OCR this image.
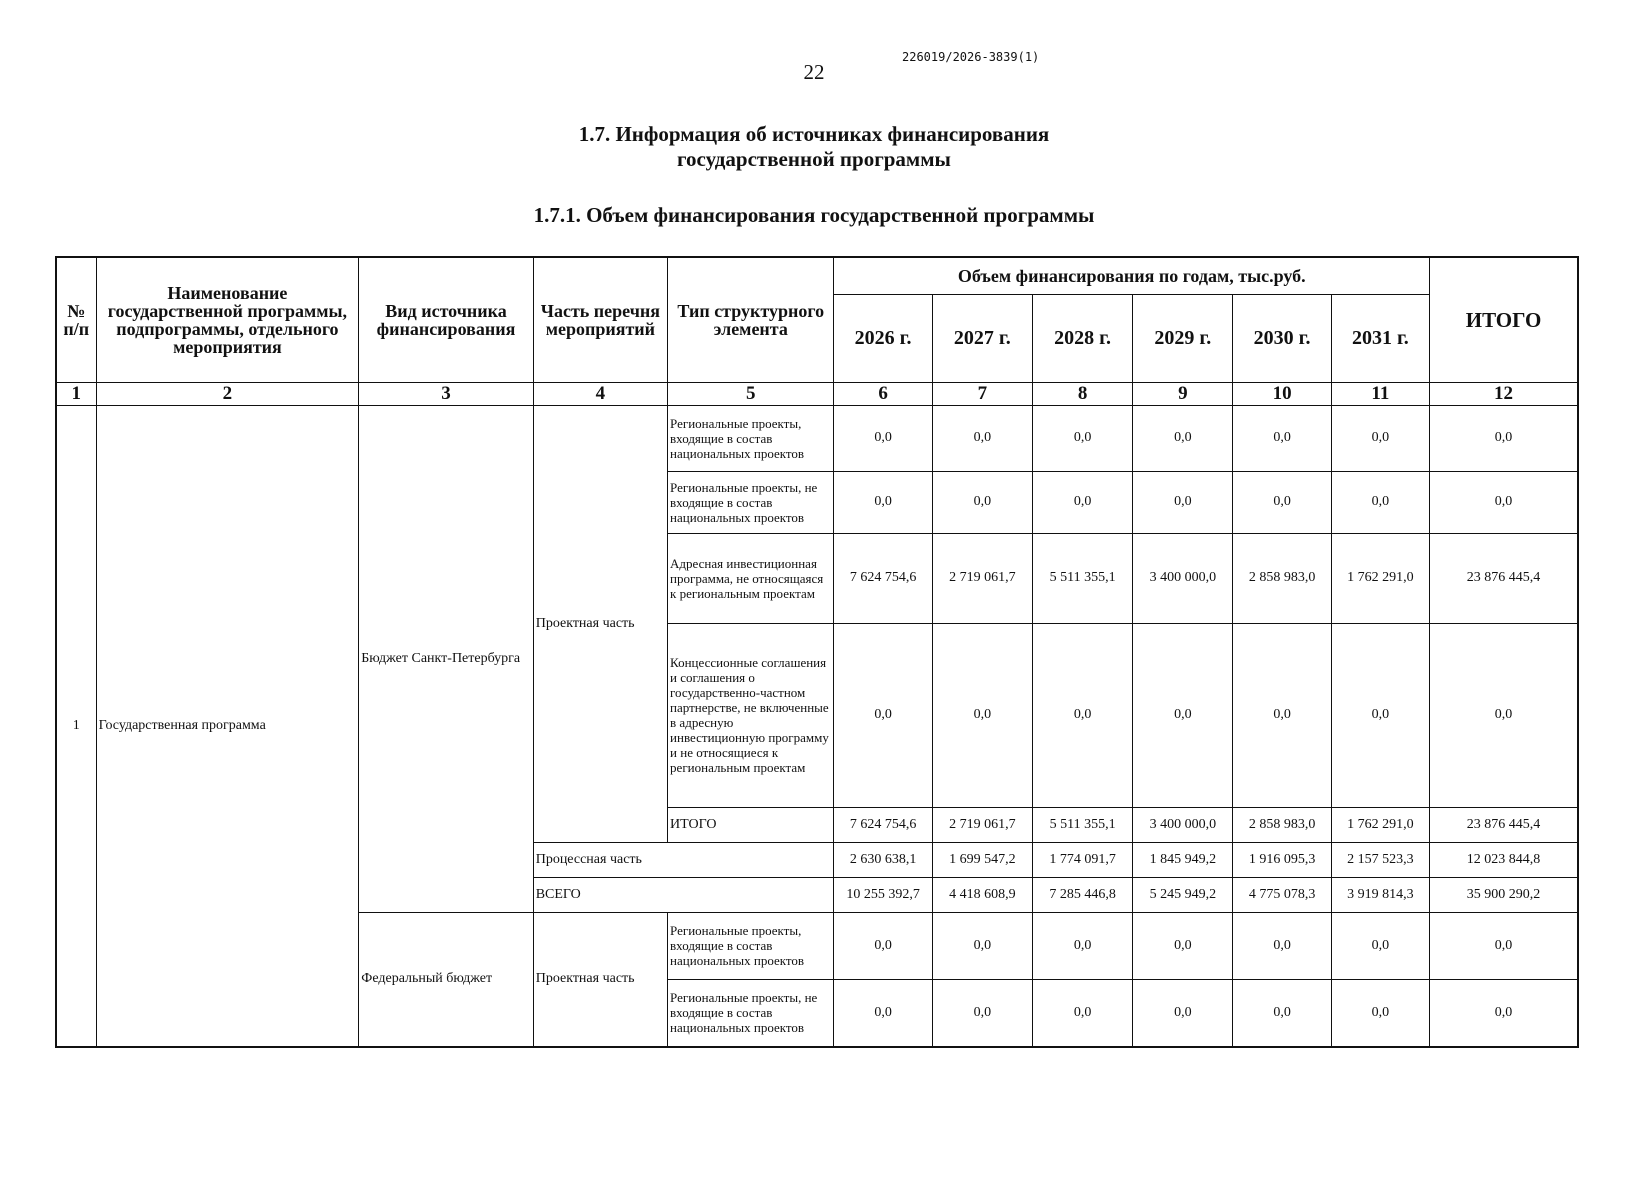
22
226019/2026-3839(1)
1.7. Информация об источниках финансирования
государственной программы
1.7.1. Объем финансирования государственной программы
№ п/п	Наименование государственной программы, подпрограммы, отдельного мероприятия	Вид источника финансирования	Часть перечня мероприятий	Тип структурного элемента	Объем финансирования по годам, тыс.руб.						ИТОГО
					2026 г.	2027 г.	2028 г.	2029 г.	2030 г.	2031 г.	
1	2	3	4	5	6	7	8	9	10	11	12
1	Государственная программа	Бюджет Санкт-Петербурга	Проектная часть	Региональные проекты, входящие в состав национальных проектов	0,0	0,0	0,0	0,0	0,0	0,0	0,0
				Региональные проекты, не входящие в состав национальных проектов	0,0	0,0	0,0	0,0	0,0	0,0	0,0
				Адресная инвестиционная программа, не относящаяся к региональным проектам	7 624 754,6	2 719 061,7	5 511 355,1	3 400 000,0	2 858 983,0	1 762 291,0	23 876 445,4
				Концессионные соглашения и соглашения о государственно-частном партнерстве, не включенные в адресную инвестиционную программу и не относящиеся к региональным проектам	0,0	0,0	0,0	0,0	0,0	0,0	0,0
				ИТОГО	7 624 754,6	2 719 061,7	5 511 355,1	3 400 000,0	2 858 983,0	1 762 291,0	23 876 445,4
			Процессная часть		2 630 638,1	1 699 547,2	1 774 091,7	1 845 949,2	1 916 095,3	2 157 523,3	12 023 844,8
			ВСЕГО		10 255 392,7	4 418 608,9	7 285 446,8	5 245 949,2	4 775 078,3	3 919 814,3	35 900 290,2

		Федеральный бюджет	Проектная часть	Региональные проекты, входящие в состав национальных проектов	0,0	0,0	0,0	0,0	0,0	0,0	0,0
				Региональные проекты, не входящие в состав национальных проектов	0,0	0,0	0,0	0,0	0,0	0,0	0,0
